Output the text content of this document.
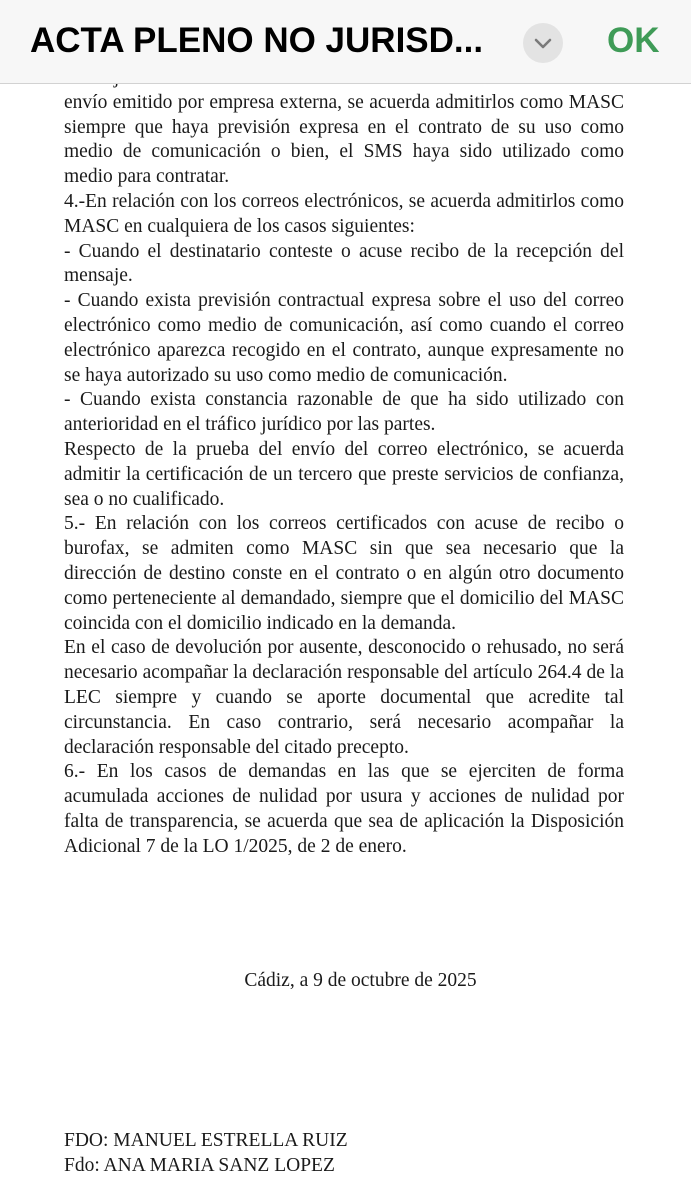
ACTA PLENO NO JURISD...	OK

envío emitido por empresa externa, se acuerda admitirlos como MASC siempre que haya previsión expresa en el contrato de su uso como medio de comunicación o bien, el SMS haya sido utilizado como medio para contratar.

4.-En relación con los correos electrónicos, se acuerda admitirlos como MASC en cualquiera de los casos siguientes:

- Cuando el destinatario conteste o acuse recibo de la recepción del mensaje.

- Cuando exista previsión contractual expresa sobre el uso del correo electrónico como medio de comunicación, así como cuando el correo electrónico aparezca recogido en el contrato, aunque expresamente no se haya autorizado su uso como medio de comunicación.

- Cuando exista constancia razonable de que ha sido utilizado con anterioridad en el tráfico jurídico por las partes.

Respecto de la prueba del envío del correo electrónico, se acuerda admitir la certificación de un tercero que preste servicios de confianza, sea o no cualificado.

5.- En relación con los correos certificados con acuse de recibo o burofax, se admiten como MASC sin que sea necesario que la dirección de destino conste en el contrato o en algún otro documento como perteneciente al demandado, siempre que el domicilio del MASC coincida con el domicilio indicado en la demanda.

En el caso de devolución por ausente, desconocido o rehusado, no será necesario acompañar la declaración responsable del artículo 264.4 de la LEC siempre y cuando se aporte documental que acredite tal circunstancia. En caso contrario, será necesario acompañar la declaración responsable del citado precepto.

6.- En los casos de demandas en las que se ejerciten de forma acumulada acciones de nulidad por usura y acciones de nulidad por falta de transparencia, se acuerda que sea de aplicación la Disposición Adicional 7 de la LO 1/2025, de 2 de enero.

Cádiz, a 9 de octubre de 2025
FDO: MANUEL ESTRELLA RUIZ
Fdo: ANA MARIA SANZ LOPEZ
